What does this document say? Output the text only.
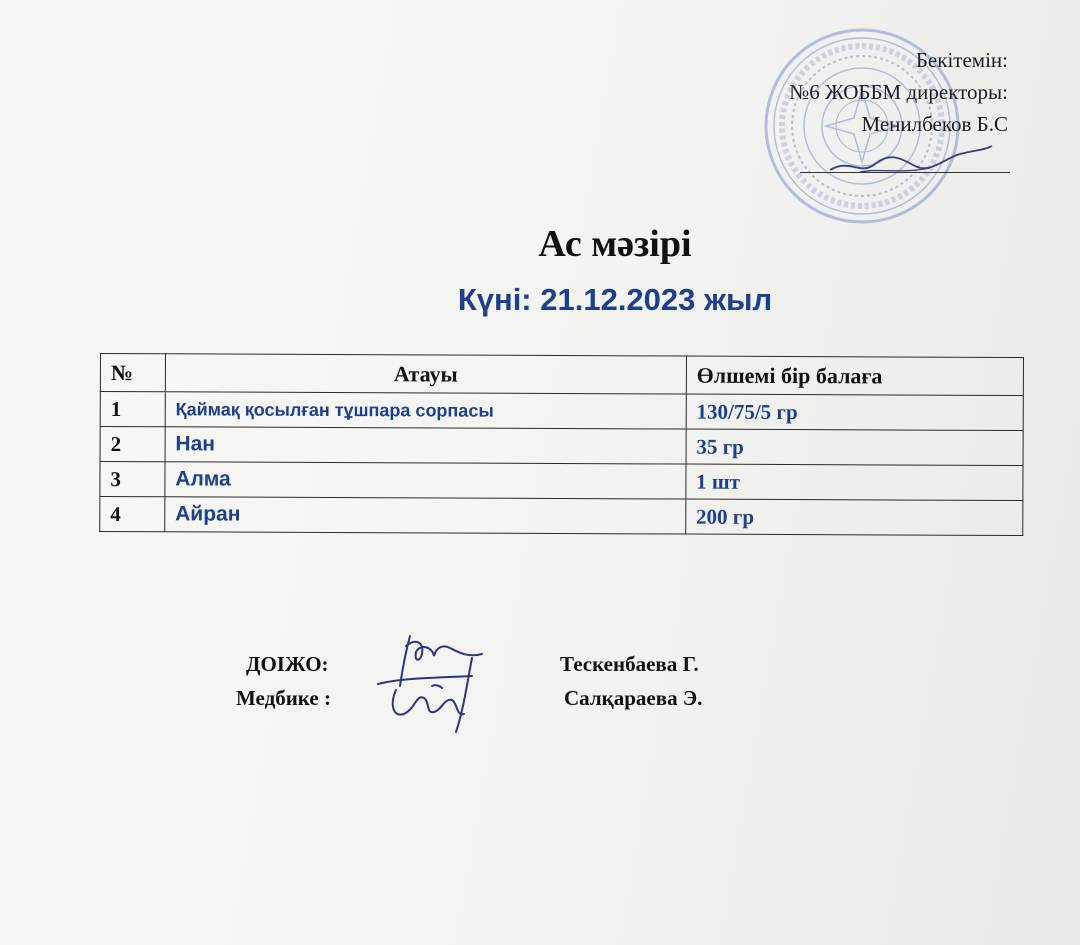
Бекітемін:
№6 ЖОББМ директоры:
Менилбеков Б.С
Ас мәзірі
Күні: 21.12.2023 жыл
№	Атауы	Өлшемі бір балаға
1	Қаймақ қосылған тұшпара сорпасы	130/75/5 гр
2	Нан	35 гр
3	Алма	1 шт
4	Айран	200 гр
ДОІЖО:
Медбике :
Тескенбаева Г.
Салқараева Э.
